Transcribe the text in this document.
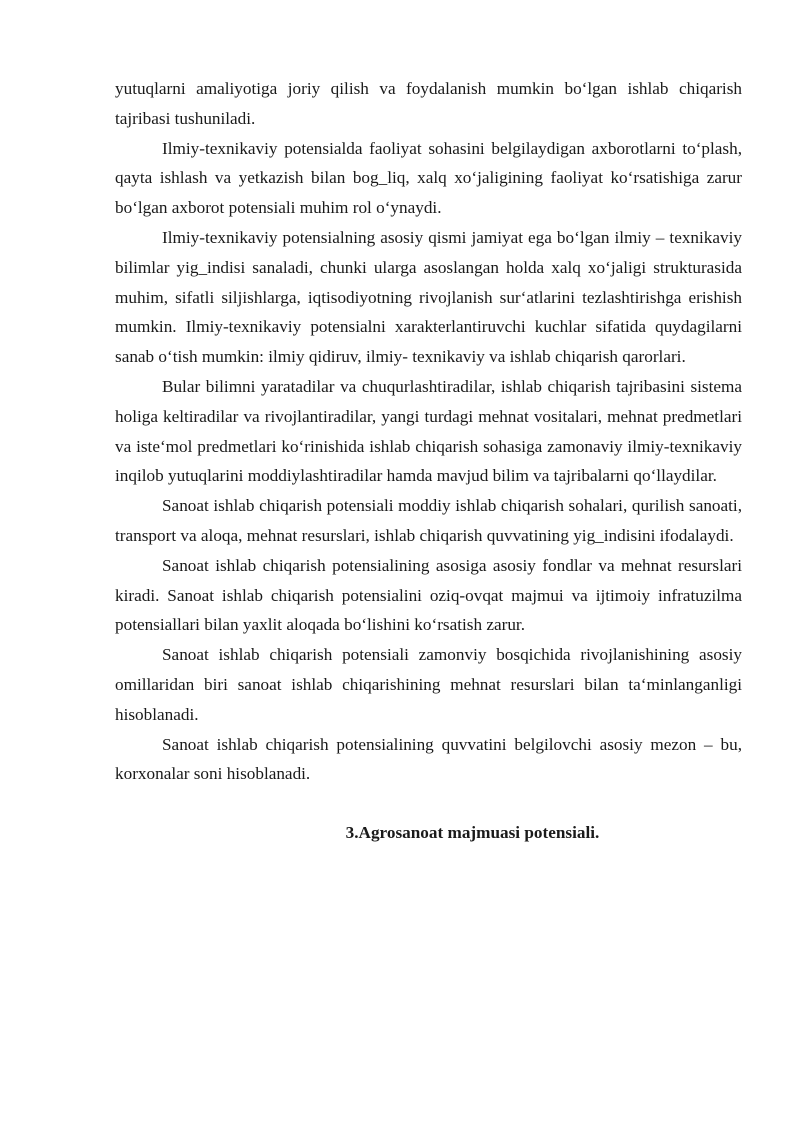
yutuqlarni amaliyotiga joriy qilish va foydalanish mumkin bo‘lgan ishlab chiqarish tajribasi tushuniladi.

Ilmiy-texnikaviy potensialda faoliyat sohasini belgilaydigan axborotlarni to‘plash, qayta ishlash va yetkazish bilan bog_liq, xalq xo‘jaligining faoliyat ko‘rsatishiga zarur bo‘lgan axborot potensiali muhim rol o‘ynaydi.

Ilmiy-texnikaviy potensialning asosiy qismi jamiyat ega bo‘lgan ilmiy – texnikaviy bilimlar yig_indisi sanaladi, chunki ularga asoslangan holda xalq xo‘jaligi strukturasida muhim, sifatli siljishlarga, iqtisodiyotning rivojlanish sur‘atlarini tezlashtirishga erishish mumkin. Ilmiy-texnikaviy potensialni xarakterlantiruvchi kuchlar sifatida quydagilarni sanab o‘tish mumkin: ilmiy qidiruv, ilmiy- texnikaviy va ishlab chiqarish qarorlari.

Bular bilimni yaratadilar va chuqurlashtiradilar, ishlab chiqarish tajribasini sistema holiga keltiradilar va rivojlantiradilar, yangi turdagi mehnat vositalari, mehnat predmetlari va iste‘mol predmetlari ko‘rinishida ishlab chiqarish sohasiga zamonaviy ilmiy-texnikaviy inqilob yutuqlarini moddiylashtiradilar hamda mavjud bilim va tajribalarni qo‘llaydilar.

Sanoat ishlab chiqarish potensiali moddiy ishlab chiqarish sohalari, qurilish sanoati, transport va aloqa, mehnat resurslari, ishlab chiqarish quvvatining yig_indisini ifodalaydi.

Sanoat ishlab chiqarish potensialining asosiga asosiy fondlar va mehnat resurslari kiradi. Sanoat ishlab chiqarish potensialini oziq-ovqat majmui va ijtimoiy infratuzilma potensiallari bilan yaxlit aloqada bo‘lishini ko‘rsatish zarur.

Sanoat ishlab chiqarish potensiali zamonviy bosqichida rivojlanishining asosiy omillaridan biri sanoat ishlab chiqarishining mehnat resurslari bilan ta‘minlanganligi hisoblanadi.

Sanoat ishlab chiqarish potensialining quvvatini belgilovchi asosiy mezon – bu, korxonalar soni hisoblanadi.

3.Agrosanoat majmuasi potensiali.
